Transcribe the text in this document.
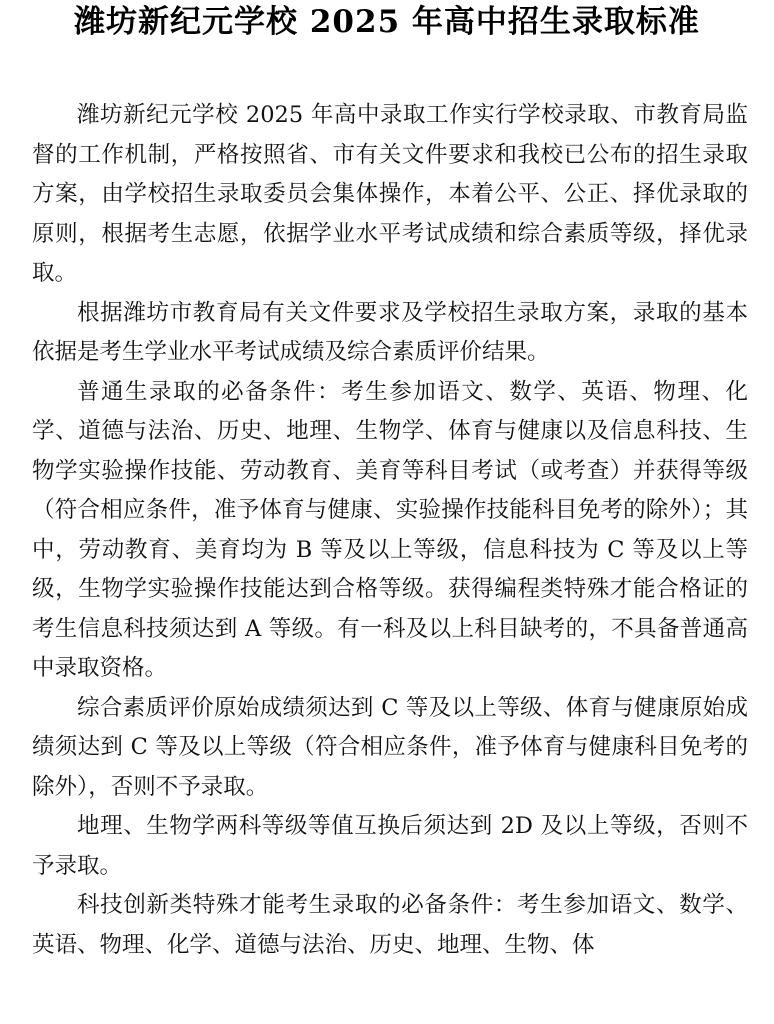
潍坊新纪元学校 2025 年高中招生录取标准

潍坊新纪元学校 2025 年高中录取工作实行学校录取、市教育局监督的工作机制，严格按照省、市有关文件要求和我校已公布的招生录取方案，由学校招生录取委员会集体操作，本着公平、公正、择优录取的原则，根据考生志愿，依据学业水平考试成绩和综合素质等级，择优录取。

根据潍坊市教育局有关文件要求及学校招生录取方案，录取的基本依据是考生学业水平考试成绩及综合素质评价结果。

普通生录取的必备条件：考生参加语文、数学、英语、物理、化学、道德与法治、历史、地理、生物学、体育与健康以及信息科技、生物学实验操作技能、劳动教育、美育等科目考试（或考查）并获得等级（符合相应条件，准予体育与健康、实验操作技能科目免考的除外）；其中，劳动教育、美育均为 B 等及以上等级，信息科技为 C 等及以上等级，生物学实验操作技能达到合格等级。获得编程类特殊才能合格证的考生信息科技须达到 A 等级。有一科及以上科目缺考的，不具备普通高中录取资格。

综合素质评价原始成绩须达到 C 等及以上等级、体育与健康原始成绩须达到 C 等及以上等级（符合相应条件，准予体育与健康科目免考的除外），否则不予录取。

地理、生物学两科等级等值互换后须达到 2D 及以上等级，否则不予录取。

科技创新类特殊才能考生录取的必备条件：考生参加语文、数学、英语、物理、化学、道德与法治、历史、地理、生物、体
